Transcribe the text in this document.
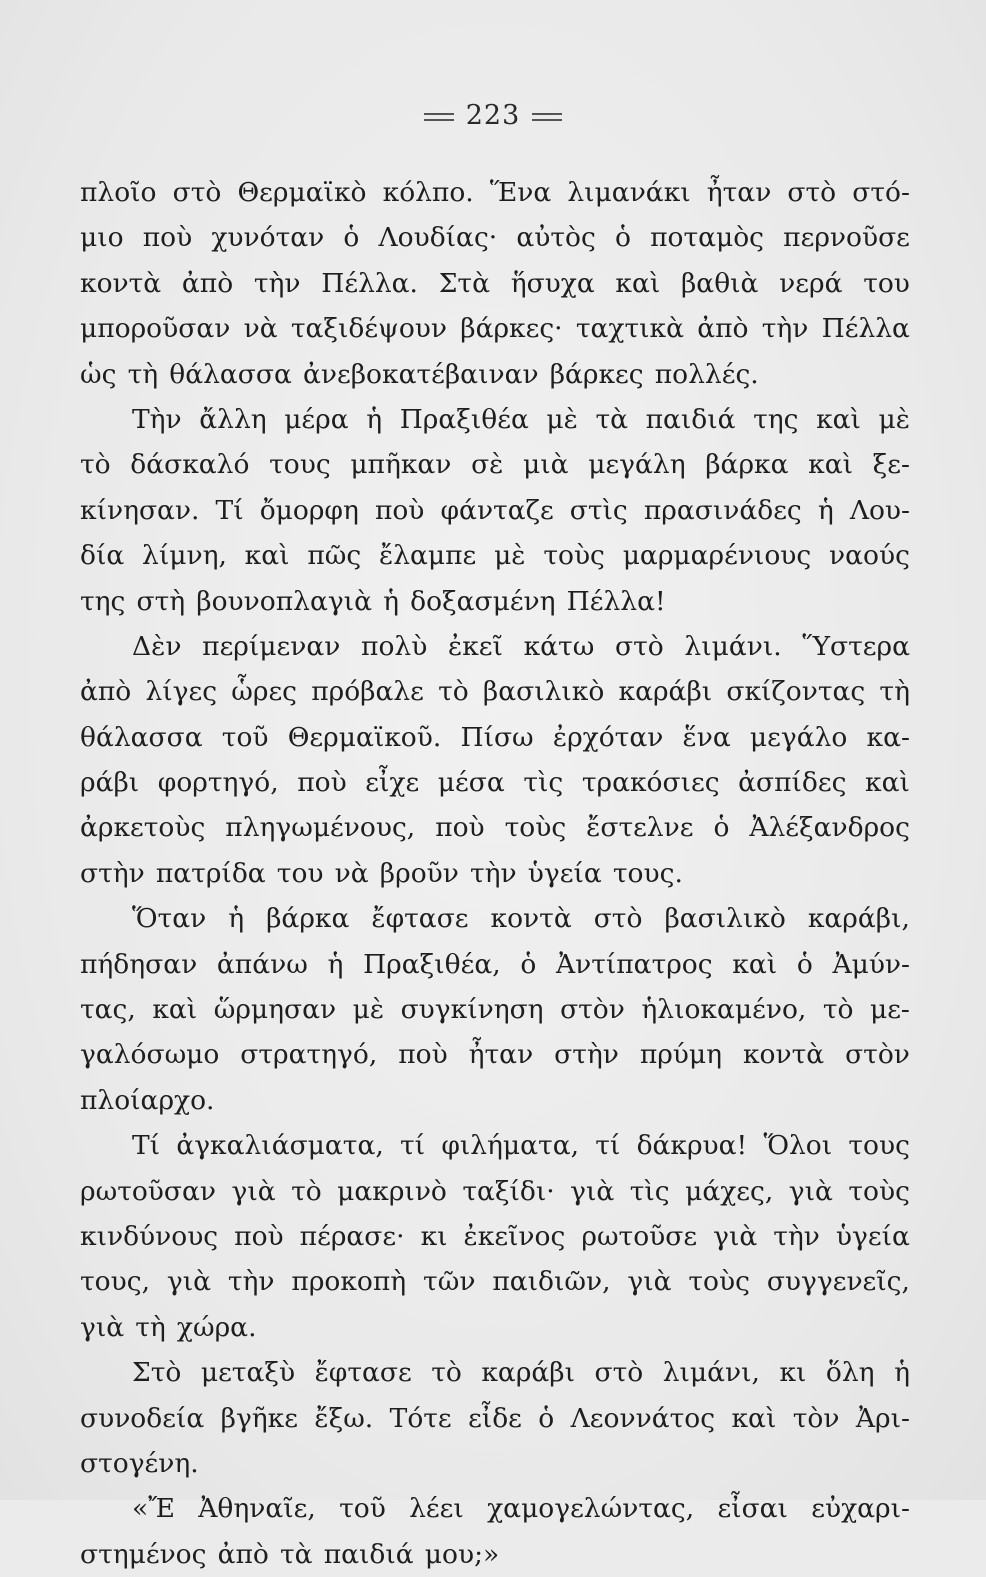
223
πλοῖο στὸ Θερμαϊκὸ κόλπο. Ἕνα λιμανάκι ἦταν στὸ στό-
μιο ποὺ χυνόταν ὁ Λουδίας· αὐτὸς ὁ ποταμὸς περνοῦσε
κοντὰ ἀπὸ τὴν Πέλλα. Στὰ ἥσυχα καὶ βαθιὰ νερά του
μποροῦσαν νὰ ταξιδέψουν βάρκες· ταχτικὰ ἀπὸ τὴν Πέλλα
ὡς τὴ θάλασσα ἀνεβοκατέβαιναν βάρκες πολλές.
Τὴν ἄλλη μέρα ἡ Πραξιθέα μὲ τὰ παιδιά της καὶ μὲ
τὸ δάσκαλό τους μπῆκαν σὲ μιὰ μεγάλη βάρκα καὶ ξε-
κίνησαν. Τί ὄμορφη ποὺ φάνταζε στὶς πρασινάδες ἡ Λου-
δία λίμνη, καὶ πῶς ἔλαμπε μὲ τοὺς μαρμαρένιους ναούς
της στὴ βουνοπλαγιὰ ἡ δοξασμένη Πέλλα!
Δὲν περίμεναν πολὺ ἐκεῖ κάτω στὸ λιμάνι. Ὕστερα
ἀπὸ λίγες ὧρες πρόβαλε τὸ βασιλικὸ καράβι σκίζοντας τὴ
θάλασσα τοῦ Θερμαϊκοῦ. Πίσω ἐρχόταν ἕνα μεγάλο κα-
ράβι φορτηγό, ποὺ εἶχε μέσα τὶς τρακόσιες ἀσπίδες καὶ
ἀρκετοὺς πληγωμένους, ποὺ τοὺς ἔστελνε ὁ Ἀλέξανδρος
στὴν πατρίδα του νὰ βροῦν τὴν ὑγεία τους.
Ὅταν ἡ βάρκα ἔφτασε κοντὰ στὸ βασιλικὸ καράβι,
πήδησαν ἀπάνω ἡ Πραξιθέα, ὁ Ἀντίπατρος καὶ ὁ Ἀμύν-
τας, καὶ ὥρμησαν μὲ συγκίνηση στὸν ἡλιοκαμένο, τὸ με-
γαλόσωμο στρατηγό, ποὺ ἦταν στὴν πρύμη κοντὰ στὸν
πλοίαρχο.
Τί ἀγκαλιάσματα, τί φιλήματα, τί δάκρυα! Ὅλοι τους
ρωτοῦσαν γιὰ τὸ μακρινὸ ταξίδι· γιὰ τὶς μάχες, γιὰ τοὺς
κινδύνους ποὺ πέρασε· κι ἐκεῖνος ρωτοῦσε γιὰ τὴν ὑγεία
τους, γιὰ τὴν προκοπὴ τῶν παιδιῶν, γιὰ τοὺς συγγενεῖς,
γιὰ τὴ χώρα.
Στὸ μεταξὺ ἔφτασε τὸ καράβι στὸ λιμάνι, κι ὅλη ἡ
συνοδεία βγῆκε ἔξω. Τότε εἶδε ὁ Λεοννάτος καὶ τὸν Ἀρι-
στογένη.
«Ἔ Ἀθηναῖε, τοῦ λέει χαμογελώντας, εἶσαι εὐχαρι-
στημένος ἀπὸ τὰ παιδιά μου;»
